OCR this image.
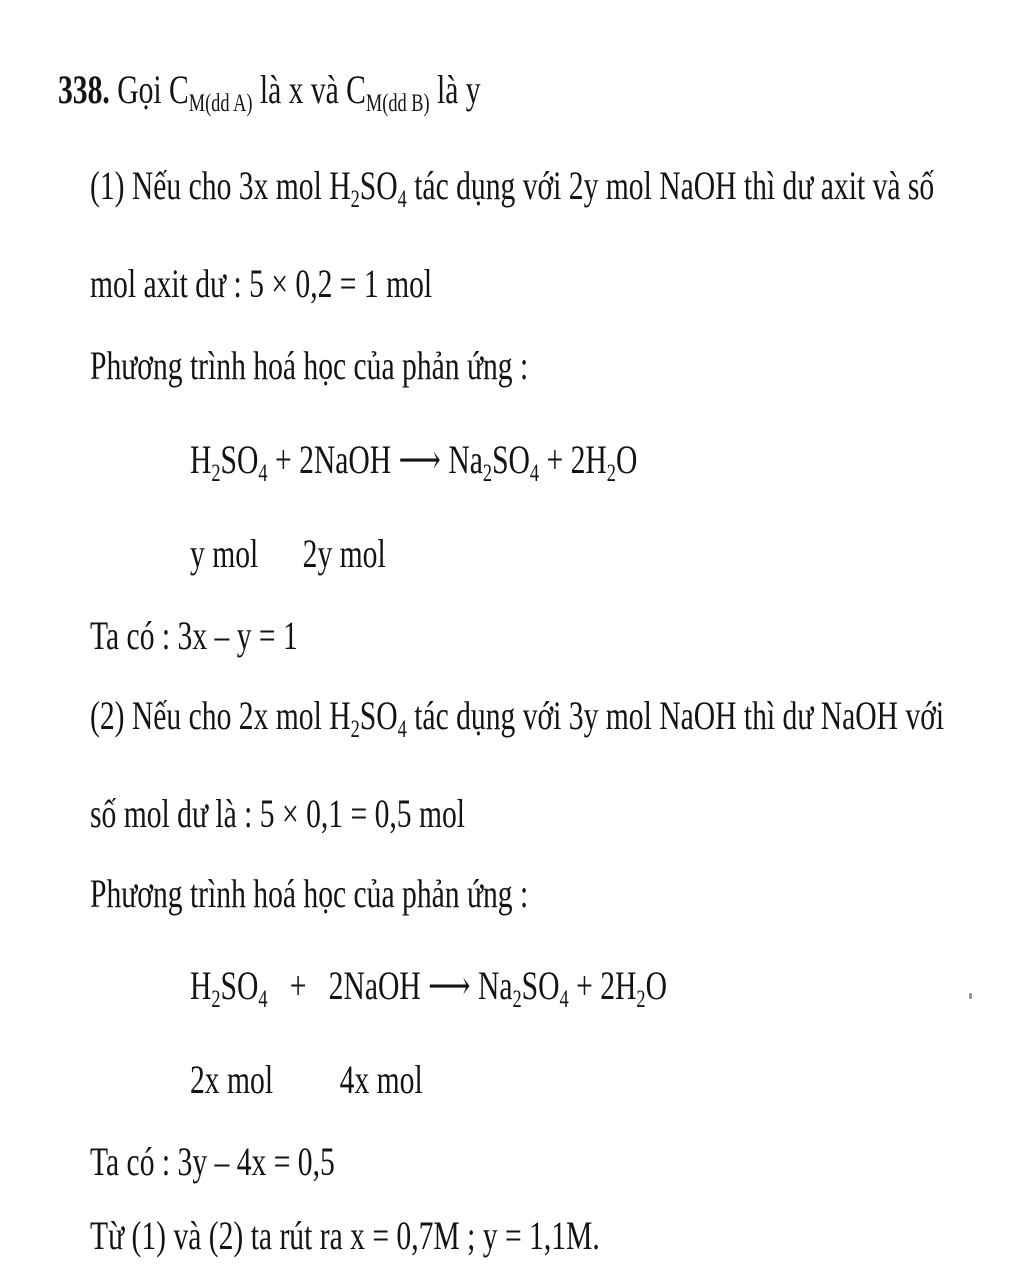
338. Gọi $C_{M(dd A)}$ là x và $C_{M(dd B)}$ là y
(1) Nếu cho 3x mol $H_2SO_4$ tác dụng với 2y mol NaOH thì dư axit và số
mol axit dư : 5 × 0,2 = 1 mol
Phương trình hoá học của phản ứng :
$H_2SO_4$ + 2NaOH ⟶ $Na_2SO_4 + 2H_2O$
y mol 2y mol
Ta có : 3x – y = 1
(2) Nếu cho 2x mol $H_2SO_4$ tác dụng với 3y mol NaOH thì dư NaOH với
số mol dư là : 5 × 0,1 = 0,5 mol
Phương trình hoá học của phản ứng :
$H_2SO_4$   +   2NaOH ⟶ $Na_2SO_4 + 2H_2O$
2x mol 4x mol
Ta có : 3y – 4x = 0,5
Từ (1) và (2) ta rút ra x = 0,7M ; y = 1,1M.
